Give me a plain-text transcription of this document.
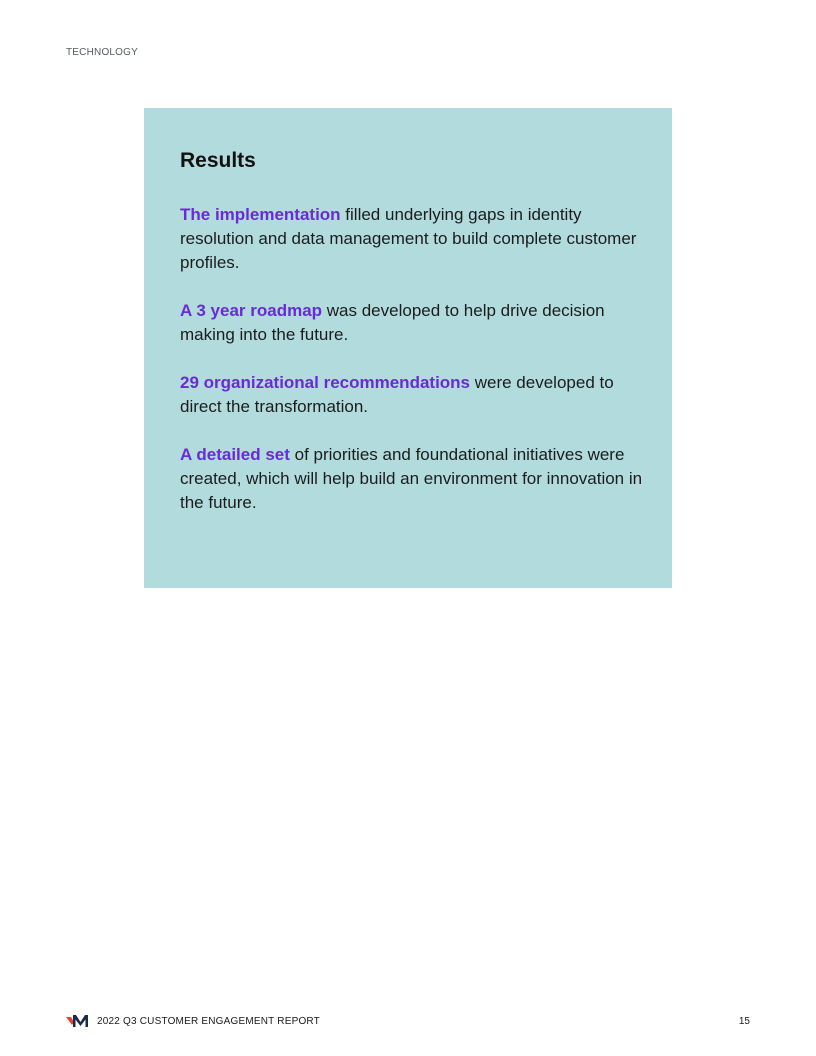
TECHNOLOGY
Results

The implementation filled underlying gaps in identity resolution and data management to build complete customer profiles.

A 3 year roadmap was developed to help drive decision making into the future.

29 organizational recommendations were developed to direct the transformation.

A detailed set of priorities and foundational initiatives were created, which will help build an environment for innovation in the future.

2022 Q3 CUSTOMER ENGAGEMENT REPORT	15
